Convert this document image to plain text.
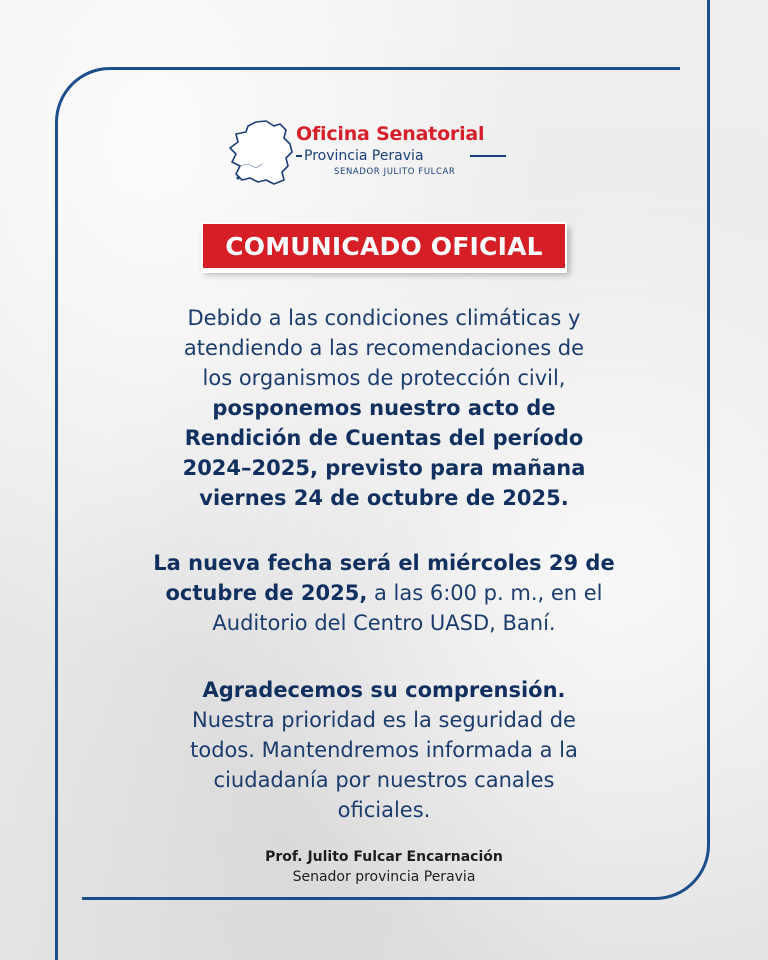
Oficina Senatorial
Provincia Peravia
SENADOR JULITO FULCAR
COMUNICADO OFICIAL
Debido a las condiciones climáticas y
atendiendo a las recomendaciones de
los organismos de protección civil,
posponemos nuestro acto de
Rendición de Cuentas del período
2024–2025, previsto para mañana
viernes 24 de octubre de 2025.
La nueva fecha será el miércoles 29 de
octubre de 2025, a las 6:00 p. m., en el
Auditorio del Centro UASD, Baní.
Agradecemos su comprensión.
Nuestra prioridad es la seguridad de
todos. Mantendremos informada a la
ciudadanía por nuestros canales
oficiales.
Prof. Julito Fulcar Encarnación
Senador provincia Peravia
